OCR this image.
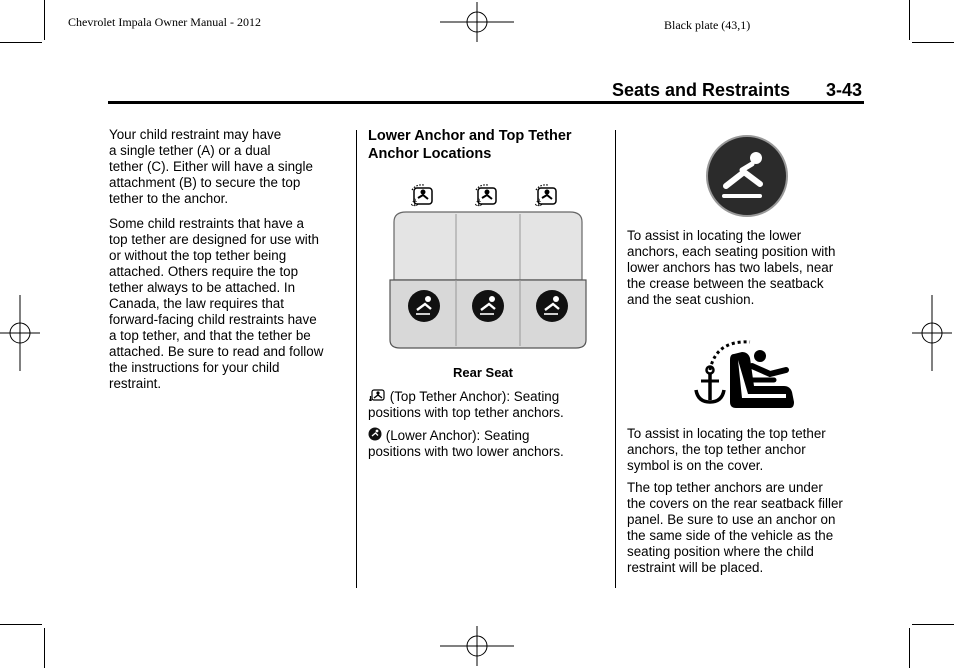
Chevrolet Impala Owner Manual - 2012	Black plate (43,1)
Seats and Restraints 3-43

Your child restraint may have
a single tether (A) or a dual
tether (C). Either will have a single
attachment (B) to secure the top
tether to the anchor.

Some child restraints that have a
top tether are designed for use with
or without the top tether being
attached. Others require the top
tether always to be attached. In
Canada, the law requires that
forward-facing child restraints have
a top tether, and that the tether be
attached. Be sure to read and follow
the instructions for your child
restraint.

Lower Anchor and Top Tether
Anchor Locations
⚓	⚓	⚓
Rear Seat
(Top Tether Anchor): Seating
positions with top tether anchors.
(Lower Anchor): Seating
positions with two lower anchors.
To assist in locating the lower
anchors, each seating position with
lower anchors has two labels, near
the crease between the seatback
and the seat cushion.
To assist in locating the top tether
anchors, the top tether anchor
symbol is on the cover.
The top tether anchors are under
the covers on the rear seatback filler
panel. Be sure to use an anchor on
the same side of the vehicle as the
seating position where the child
restraint will be placed.
